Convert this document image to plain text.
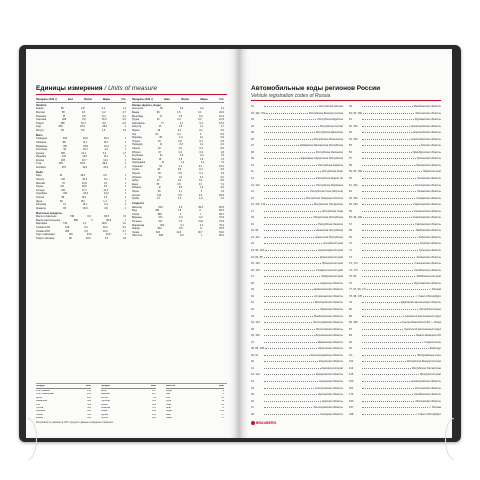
Единицы измерения / Units of measure
Продукты (100 г)	Ккал	Белки	Жиры	Угл.
Напитки
Кефир	56	2,8	3,2	4,1
Молоко	58	2,8	3,2	4,7
Ряженка	85	2,8	6,0	4,2
Сметана	206	2,8	20,0	3,2
Творог	156	16,7	9,0	2,0
Сыр	350	23,0	29,0	0
Йогурт	66	5,0	1,5	3,5
Мясо
Говядина	218	18,6	16,0	0
Свинина	357	14,3	33,3	0
Баранина	209	15,6	16,3	0
Телятина	90	19,7	1,2	0
Курица	165	21,1	8,2	0,7
Индейка	197	19,5	12,0	0
Кролик	183	20,7	11,0	0
Утка	405	16,5	38,0	0
Колбаса	257	12,0	23,0	0
Рыба
Карп	96	16,0	3,6	0
Лосось	153	20,0	8,1	0
Минтай	70	15,9	0,9	0
Окунь	103	18,5	3,3	0
Сельдь	161	17,7	11,4	0
Скумбрия	191	18,0	13,2	0
Треска	69	16,0	0,6	0
Щука	82	18,4	1,1	0
Кальмар	74	18,0	0,3	0
Креветки	83	18,0	0,8	0
Молочные продукты
Масло сливочное	748	0,6	82,5	0,9
Масло растительное	899	0	99,9	0
Маргарин	743	0,3	82,0	1,0
Сливки 10%	118	3,0	10,0	4,0
Сливки 20%	205	2,8	20,0	3,7
Сыр плавленый	226	24,0	13,5	0
Творог обезжир.	88	18,0	0,6	1,8
Продукты (100 г)	Ккал	Белки	Жиры	Угл.
Овощи, фрукты, ягоды
Апельсин	36	0,9	0,2	8,1
Банан	89	1,5	0,1	22,0
Виноград	72	0,6	0,6	15,4
Груша	42	0,4	0,3	10,3
Картофель	77	2,0	0,4	16,3
Капуста	28	1,8	0,1	4,7
Лимон	16	0,9	0,1	3,0
Лук	41	1,4	0	8,2
Морковь	35	1,3	0,1	6,9
Огурец	15	0,8	0,1	2,8
Помидор	20	0,6	0,2	4,2
Свекла	42	1,5	0,1	8,8
Яблоко	47	0,4	0,4	9,8
Клубника	41	0,8	0,4	7,5
Малина	46	0,8	0,5	8,3
Смородина	44	1,0	0,4	7,3
Черешня	52	1,1	0,4	10,6
Слива	42	0,8	0,3	9,6
Персик	45	0,9	0,1	9,5
Абрикос	44	0,9	0,1	9,0
Арбуз	27	0,6	0,1	5,8
Дыня	35	0,6	0,3	7,4
Кабачок	24	0,6	0,3	4,6
Перец	26	1,3	0	5,3
Чеснок	143	6,5	0,5	29,9
Грибы	27	4,3	1,0	1,0
Сладости
Шоколад	544	5,4	35,3	56,5
Мед	328	0,8	0	80,3
Сахар	399	0	0	99,7
Варенье	271	0,3	0,2	70,9
Печенье	417	7,5	11,8	74,9
Мармелад	321	0,1	0,1	79,4
Зефир	304	0,8	0	78,5
Халва	523	11,6	29,7	54,0
Пастила	305	0,5	0	80,0
Продукт	Ккал
Хлеб ржаной	214
Хлеб пшеничный	242
Батон	262
Макароны	338
Рис	344
Гречка	329
Овсянка	345
Пшено	334
Манка	333
Продукт	Ккал
Яйцо	157
Майонез	627
Кетчуп	93
Горчица	143
Орехи	656
Семечки	578
Изюм	264
Курага	232
Чипсы	520
Напиток	Ккал
Кофе	2
Чай	1
Сок	54
Кола	42
Пиво	43
Вино	75
Водка	235
Квас	27
Какао	67
Калорийность указана на 100 г продукта. Данные приведены справочно.
Автомобильные коды регионов России
Vehicle registration codes of Russia
01	Республика Адыгея
02, 102, 702	Республика Башкортостан
03	Республика Бурятия
04	Республика Алтай
05	Республика Дагестан
06	Республика Ингушетия
07	Кабардино-Балкарская Республика
08	Республика Калмыкия
09	Карачаево-Черкесская Республика
10	Республика Карелия
11	Республика Коми
12	Республика Марий Эл
13, 113	Республика Мордовия
14	Республика Саха (Якутия)
15	Республика Северная Осетия
16, 116, 716	Республика Татарстан
17	Республика Тыва
18	Удмуртская Республика
19	Республика Хакасия
20, 95	Чеченская Республика
21, 121	Чувашская Республика
22	Алтайский край
23, 93, 123	Краснодарский край
24, 84, 88	Красноярский край
25, 125	Приморский край
26, 126	Ставропольский край
27	Хабаровский край
28	Амурская область
29	Архангельская область
30	Астраханская область
31	Белгородская область
32	Брянская область
33	Владимирская область
34, 134	Волгоградская область
35	Вологодская область
36, 136	Воронежская область
37	Ивановская область
38, 85, 138	Иркутская область
39, 91	Калининградская область
40	Калужская область
41	Камчатский край
42, 142	Кемеровская область
43	Кировская область
44	Костромская область
45	Курганская область
46	Курская область
47	Ленинградская область
48	Липецкая область
49	Магаданская область
50, 90, 150	Московская область
51	Мурманская область
52, 152	Нижегородская область
53	Новгородская область
54, 154	Новосибирская область
55	Омская область
56	Оренбургская область
57	Орловская область
58	Пензенская область
59, 81, 159	Пермский край
60	Псковская область
61, 161	Ростовская область
62	Рязанская область
63, 163	Самарская область
64, 164	Саратовская область
65	Сахалинская область
66, 96, 196	Свердловская область
67	Смоленская область
68	Тамбовская область
69	Тверская область
70	Томская область
71	Тульская область
72	Тюменская область
73, 173	Ульяновская область
74, 174	Челябинская область
75, 80	Забайкальский край
76	Ярославская область
77, 97, 99, 177	г. Москва
78, 98, 178	г. Санкт-Петербург
79	Еврейская автономная область
82	Республика Крым
83	Ненецкий автономный округ
86, 186	Ханты-Мансийский АО — Югра
87	Чукотский автономный округ
89	Ямало-Ненецкий АО
92	г. Севастополь
94	Байконур
01...	Вооружённые силы
102	Республика Башкортостан
116	Республика Татарстан
125	Приморский край
152	Нижегородская область
161	Ростовская область
174	Челябинская область
190	Московская область
197	г. Москва
198	г. Санкт-Петербург
BRAUBERG
